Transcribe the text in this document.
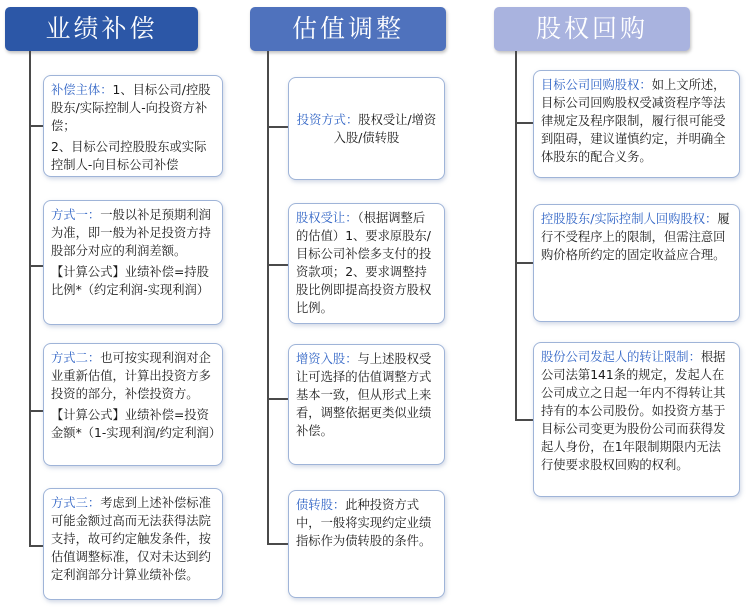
业绩补偿	估值调整	股权回购

补偿主体：1、目标公司/控股股东/实际控制人-向投资方补偿；

2、目标公司控股股东或实际控制人-向目标公司补偿

方式一：一般以补足预期利润为准，即一般为补足投资方持股部分对应的利润差额。

【计算公式】业绩补偿=持股比例*（约定利润-实现利润）

方式二：也可按实现利润对企业重新估值，计算出投资方多投资的部分，补偿投资方。

【计算公式】业绩补偿=投资金额*（1-实现利润/约定利润）

方式三：考虑到上述补偿标准可能金额过高而无法获得法院支持，故可约定触发条件，按估值调整标准，仅对未达到约定利润部分计算业绩补偿。

投资方式：股权受让/增资入股/债转股

股权受让：（根据调整后的估值）1、要求原股东/目标公司补偿多支付的投资款项；2、要求调整持股比例即提高投资方股权比例。

增资入股：与上述股权受让可选择的估值调整方式基本一致，但从形式上来看，调整依据更类似业绩补偿。

债转股：此种投资方式中，一般将实现约定业绩指标作为债转股的条件。

目标公司回购股权：如上文所述，目标公司回购股权受减资程序等法律规定及程序限制，履行很可能受到阻碍，建议谨慎约定，并明确全体股东的配合义务。

控股股东/实际控制人回购股权：履行不受程序上的限制，但需注意回购价格所约定的固定收益应合理。

股份公司发起人的转让限制：根据公司法第141条的规定，发起人在公司成立之日起一年内不得转让其持有的本公司股份。如投资方基于目标公司变更为股份公司而获得发起人身份，在1年限制期限内无法行使要求股权回购的权利。
